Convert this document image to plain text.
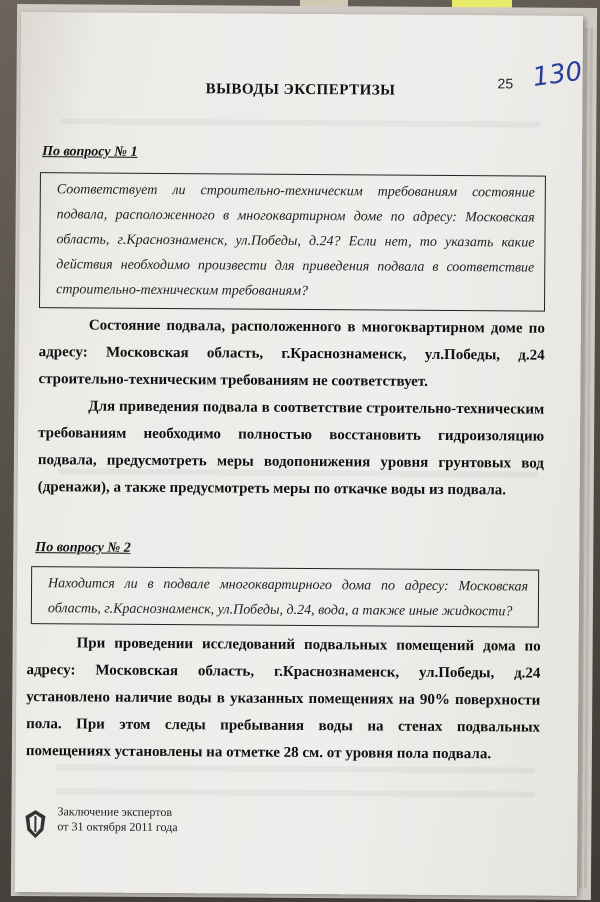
25 130
ВЫВОДЫ ЭКСПЕРТИЗЫ
По вопросу № 1

Соответствует ли строительно-техническим требованиям состояние подвала, расположенного в многоквартирном доме по адресу: Московская область, г.Краснознаменск, ул.Победы, д.24? Если нет, то указать какие действия необходимо произвести для приведения подвала в соответствие строительно-техническим требованиям?

Состояние подвала, расположенного в многоквартирном доме по адресу: Московская область, г.Краснознаменск, ул.Победы, д.24 строительно-техническим требованиям не соответствует.

Для приведения подвала в соответствие строительно-техническим требованиям необходимо полностью восстановить гидроизоляцию подвала, предусмотреть меры водопонижения уровня грунтовых вод (дренажи), а также предусмотреть меры по откачке воды из подвала.

По вопросу № 2

Находится ли в подвале многоквартирного дома по адресу: Московская область, г.Краснознаменск, ул.Победы, д.24, вода, а также иные жидкости?

При проведении исследований подвальных помещений дома по адресу: Московская область, г.Краснознаменск, ул.Победы, д.24 установлено наличие воды в указанных помещениях на 90% поверхности пола. При этом следы пребывания воды на стенах подвальных помещениях установлены на отметке 28 см. от уровня пола подвала.

Заключение экспертов
от 31 октября 2011 года
